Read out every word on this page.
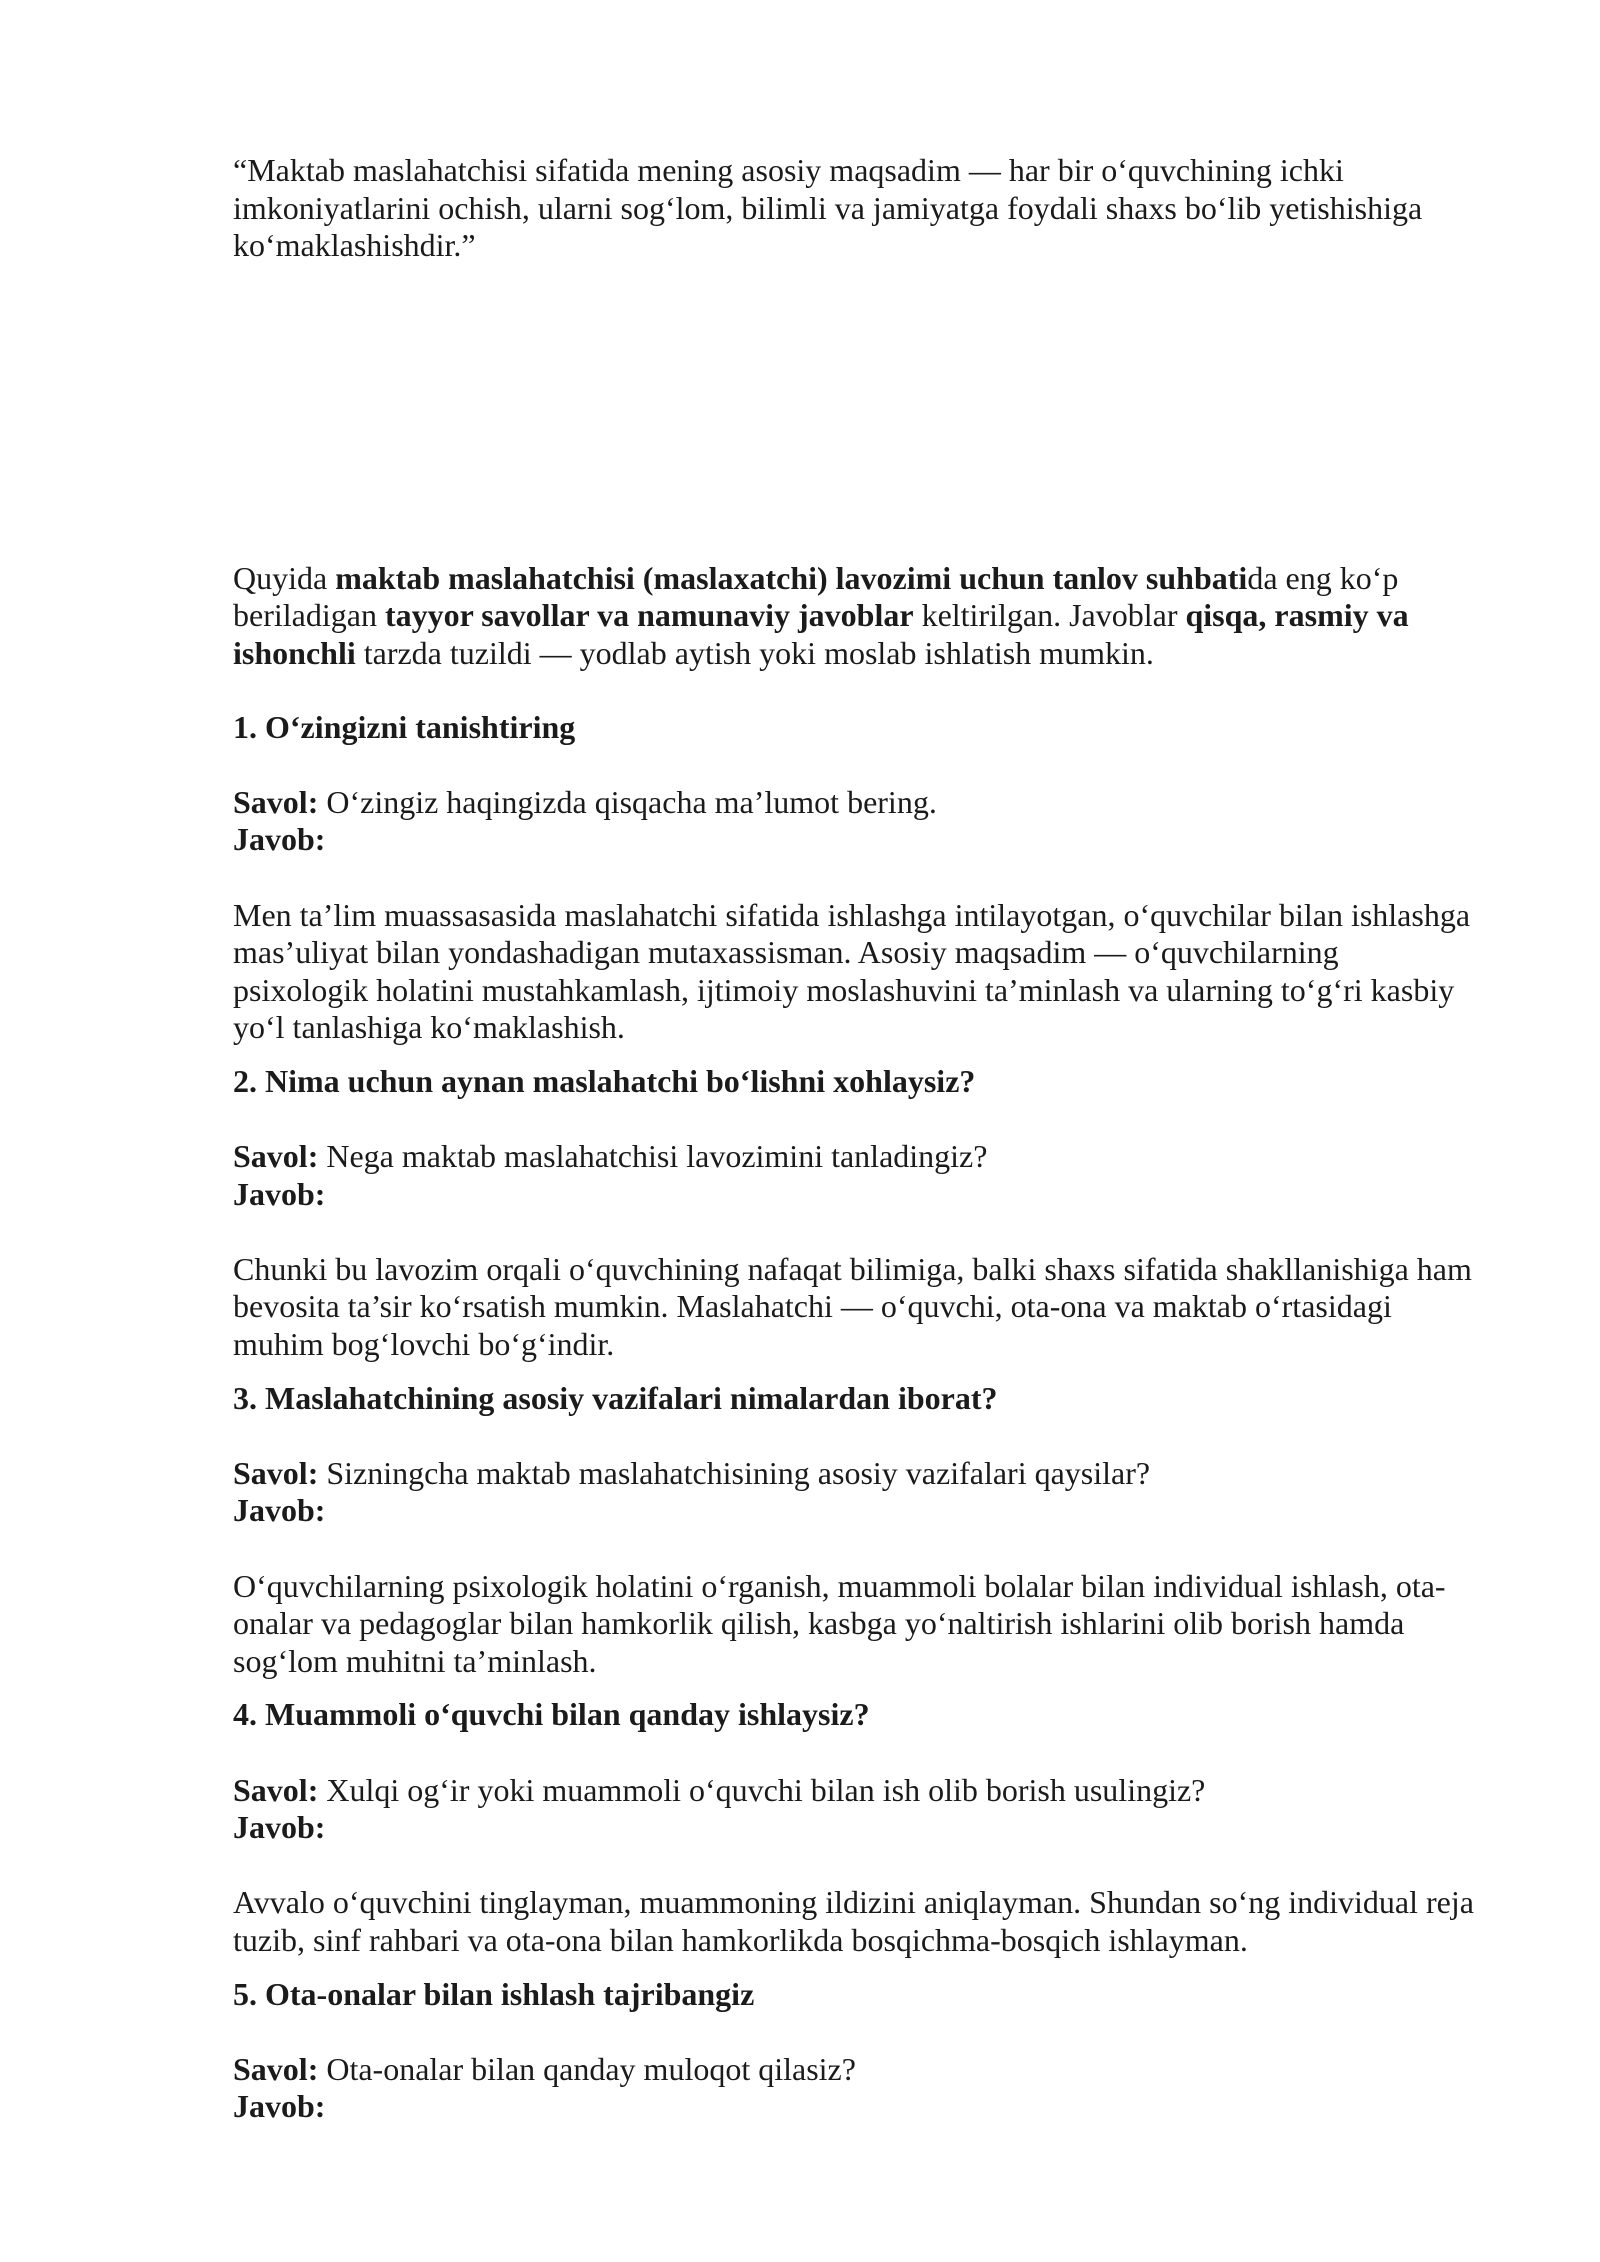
“Maktab maslahatchisi sifatida mening asosiy maqsadim — har bir o‘quvchining ichki
imkoniyatlarini ochish, ularni sog‘lom, bilimli va jamiyatga foydali shaxs bo‘lib yetishishiga
ko‘maklashishdir.”
Quyida maktab maslahatchisi (maslaxatchi) lavozimi uchun tanlov suhbatida eng ko‘p
beriladigan tayyor savollar va namunaviy javoblar keltirilgan. Javoblar qisqa, rasmiy va
ishonchli tarzda tuzildi — yodlab aytish yoki moslab ishlatish mumkin.
1. O‘zingizni tanishtiring
Savol: O‘zingiz haqingizda qisqacha ma’lumot bering.
Javob:
Men ta’lim muassasasida maslahatchi sifatida ishlashga intilayotgan, o‘quvchilar bilan ishlashga
mas’uliyat bilan yondashadigan mutaxassisman. Asosiy maqsadim — o‘quvchilarning
psixologik holatini mustahkamlash, ijtimoiy moslashuvini ta’minlash va ularning to‘g‘ri kasbiy
yo‘l tanlashiga ko‘maklashish.
2. Nima uchun aynan maslahatchi bo‘lishni xohlaysiz?
Savol: Nega maktab maslahatchisi lavozimini tanladingiz?
Javob:
Chunki bu lavozim orqali o‘quvchining nafaqat bilimiga, balki shaxs sifatida shakllanishiga ham
bevosita ta’sir ko‘rsatish mumkin. Maslahatchi — o‘quvchi, ota-ona va maktab o‘rtasidagi
muhim bog‘lovchi bo‘g‘indir.
3. Maslahatchining asosiy vazifalari nimalardan iborat?
Savol: Sizningcha maktab maslahatchisining asosiy vazifalari qaysilar?
Javob:
O‘quvchilarning psixologik holatini o‘rganish, muammoli bolalar bilan individual ishlash, ota-
onalar va pedagoglar bilan hamkorlik qilish, kasbga yo‘naltirish ishlarini olib borish hamda
sog‘lom muhitni ta’minlash.
4. Muammoli o‘quvchi bilan qanday ishlaysiz?
Savol: Xulqi og‘ir yoki muammoli o‘quvchi bilan ish olib borish usulingiz?
Javob:
Avvalo o‘quvchini tinglayman, muammoning ildizini aniqlayman. Shundan so‘ng individual reja
tuzib, sinf rahbari va ota-ona bilan hamkorlikda bosqichma-bosqich ishlayman.
5. Ota-onalar bilan ishlash tajribangiz
Savol: Ota-onalar bilan qanday muloqot qilasiz?
Javob:
